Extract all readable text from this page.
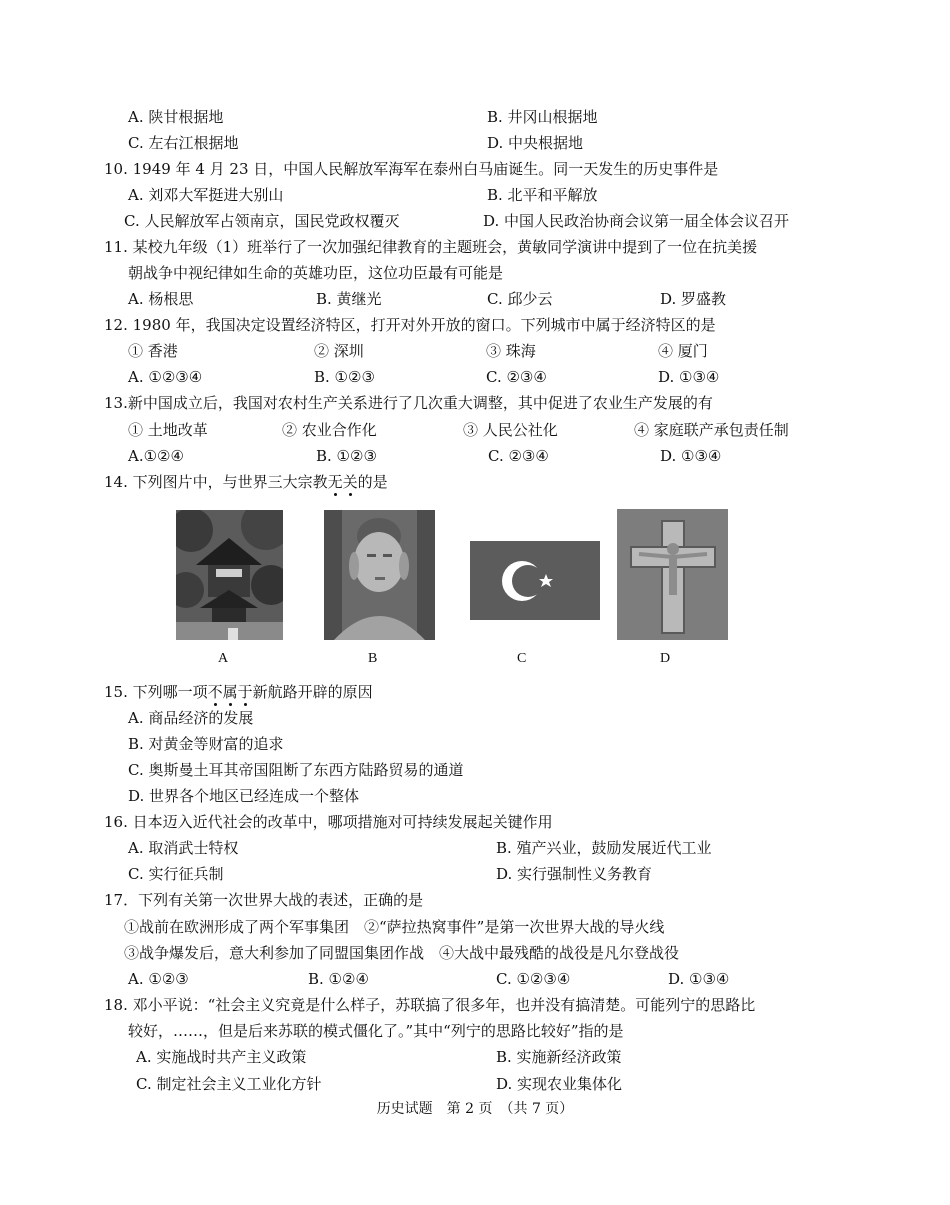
A. 陕甘根据地	B. 井冈山根据地
C. 左右江根据地	D. 中央根据地
10. 1949 年 4 月 23 日，中国人民解放军海军在泰州白马庙诞生。同一天发生的历史事件是
A. 刘邓大军挺进大别山	B. 北平和平解放
C. 人民解放军占领南京，国民党政权覆灭	D. 中国人民政治协商会议第一届全体会议召开
11. 某校九年级（1）班举行了一次加强纪律教育的主题班会，黄敏同学演讲中提到了一位在抗美援
朝战争中视纪律如生命的英雄功臣，这位功臣最有可能是
A. 杨根思	B. 黄继光	C. 邱少云	D. 罗盛教
12. 1980 年，我国决定设置经济特区，打开对外开放的窗口。下列城市中属于经济特区的是
① 香港	② 深圳	③ 珠海	④ 厦门
A. ①②③④	B. ①②③	C. ②③④	D. ①③④
13.新中国成立后，我国对农村生产关系进行了几次重大调整，其中促进了农业生产发展的有
① 土地改革	② 农业合作化	③ 人民公社化	④ 家庭联产承包责任制
A.①②④	B. ①②③	C. ②③④	D. ①③④
14. 下列图片中，与世界三大宗教无关的是
A	B	C	D
15. 下列哪一项不属于新航路开辟的原因
A. 商品经济的发展
B. 对黄金等财富的追求
C. 奥斯曼土耳其帝国阻断了东西方陆路贸易的通道
D. 世界各个地区已经连成一个整体
16. 日本迈入近代社会的改革中，哪项措施对可持续发展起关键作用
A. 取消武士特权	B. 殖产兴业，鼓励发展近代工业
C. 实行征兵制	D. 实行强制性义务教育
17．下列有关第一次世界大战的表述，正确的是
①战前在欧洲形成了两个军事集团　②“萨拉热窝事件”是第一次世界大战的导火线
③战争爆发后，意大利参加了同盟国集团作战　④大战中最残酷的战役是凡尔登战役
A. ①②③	B. ①②④	C. ①②③④	D. ①③④
18. 邓小平说：“社会主义究竟是什么样子，苏联搞了很多年，也并没有搞清楚。可能列宁的思路比
较好，……，但是后来苏联的模式僵化了。”其中“列宁的思路比较好”指的是
A. 实施战时共产主义政策	B. 实施新经济政策
C. 制定社会主义工业化方针	D. 实现农业集体化
历史试题　第 2 页　（共 7 页）
